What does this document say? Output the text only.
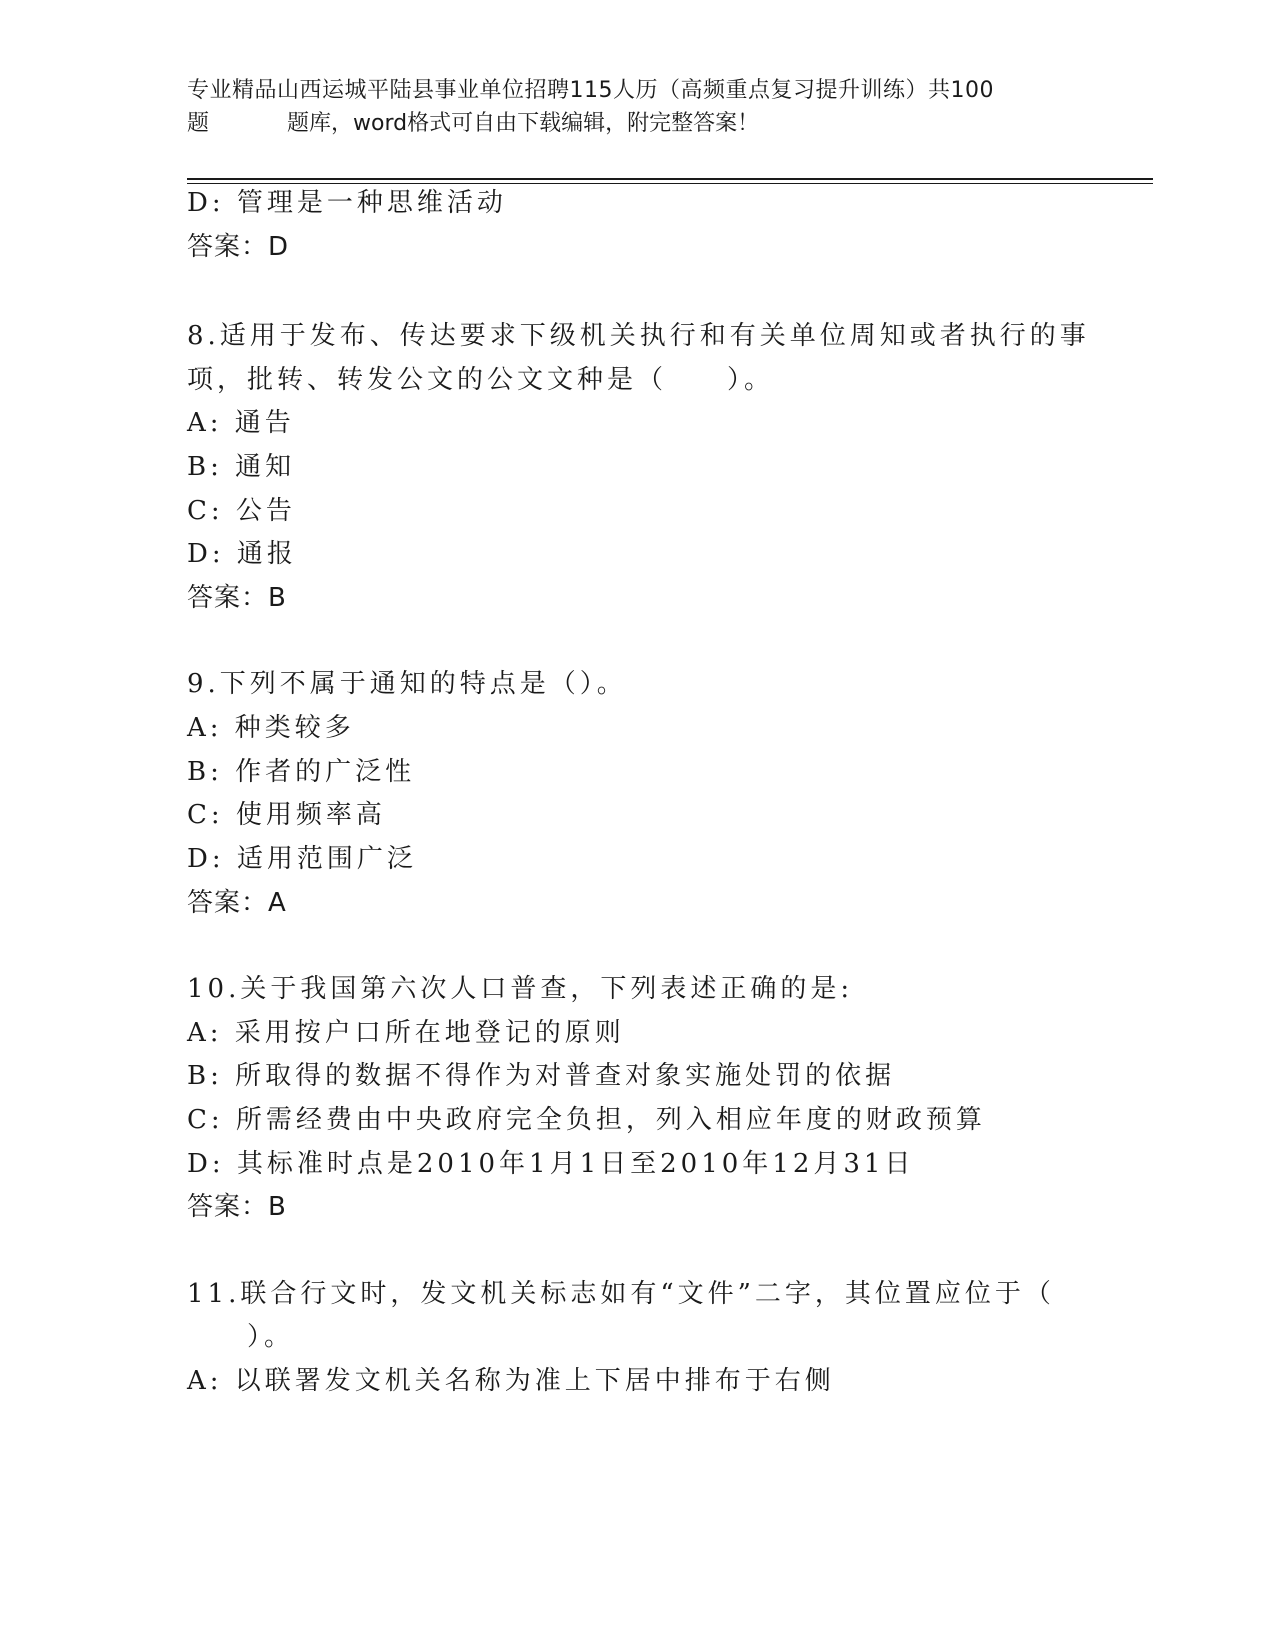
专业精品山西运城平陆县事业单位招聘115人历（高频重点复习提升训练）共100
题	题库，word格式可自由下载编辑，附完整答案！
D: 管理是一种思维活动
答案：D
8.适用于发布、传达要求下级机关执行和有关单位周知或者执行的事
项，批转、转发公文的公文文种是（　　）。
A: 通告
B: 通知
C: 公告
D: 通报
答案：B
9.下列不属于通知的特点是（）。
A: 种类较多
B: 作者的广泛性
C: 使用频率高
D: 适用范围广泛
答案：A
10.关于我国第六次人口普查，下列表述正确的是:
A: 采用按户口所在地登记的原则
B: 所取得的数据不得作为对普查对象实施处罚的依据
C: 所需经费由中央政府完全负担，列入相应年度的财政预算
D: 其标准时点是2010年1月1日至2010年12月31日
答案：B
11.联合行文时，发文机关标志如有“文件”二字，其位置应位于（
　　）。
A: 以联署发文机关名称为准上下居中排布于右侧
